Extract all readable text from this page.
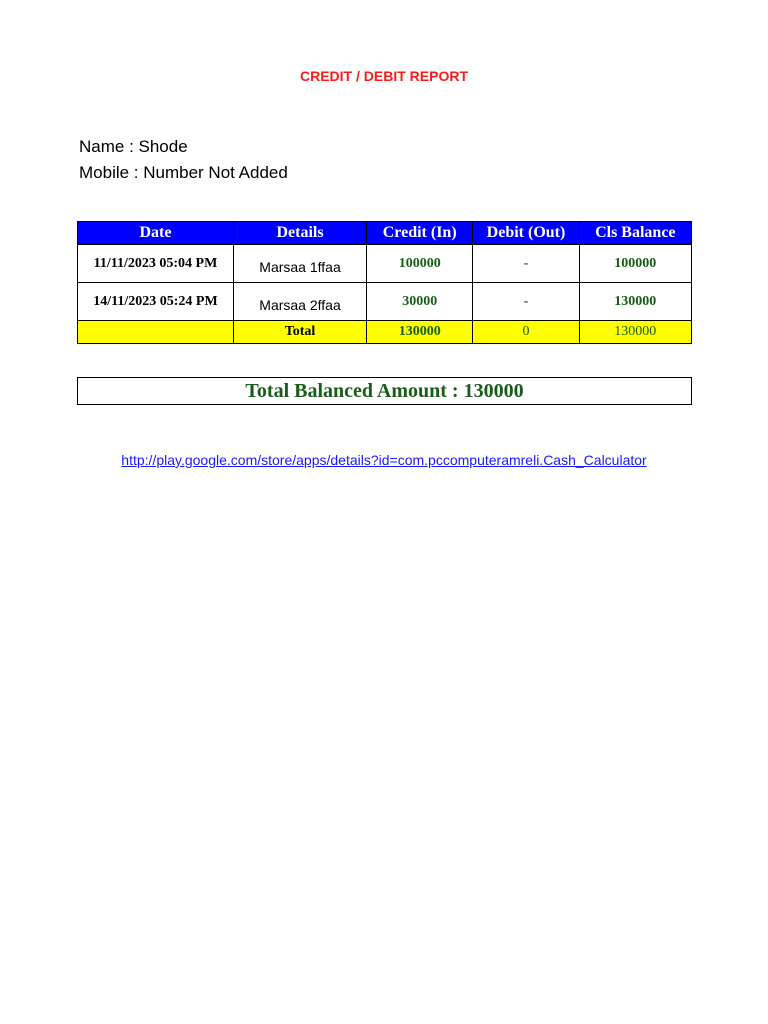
CREDIT / DEBIT REPORT
Name : Shode
Mobile : Number Not Added
Date	Details	Credit (In)	Debit (Out)	Cls Balance
11/11/2023 05:04 PM	Marsaa 1ffaa	100000	-	100000
14/11/2023 05:24 PM	Marsaa 2ffaa	30000	-	130000
	Total	130000	0	130000
Total Balanced Amount : 130000
http://play.google.com/store/apps/details?id=com.pccomputeramreli.Cash_Calculator
